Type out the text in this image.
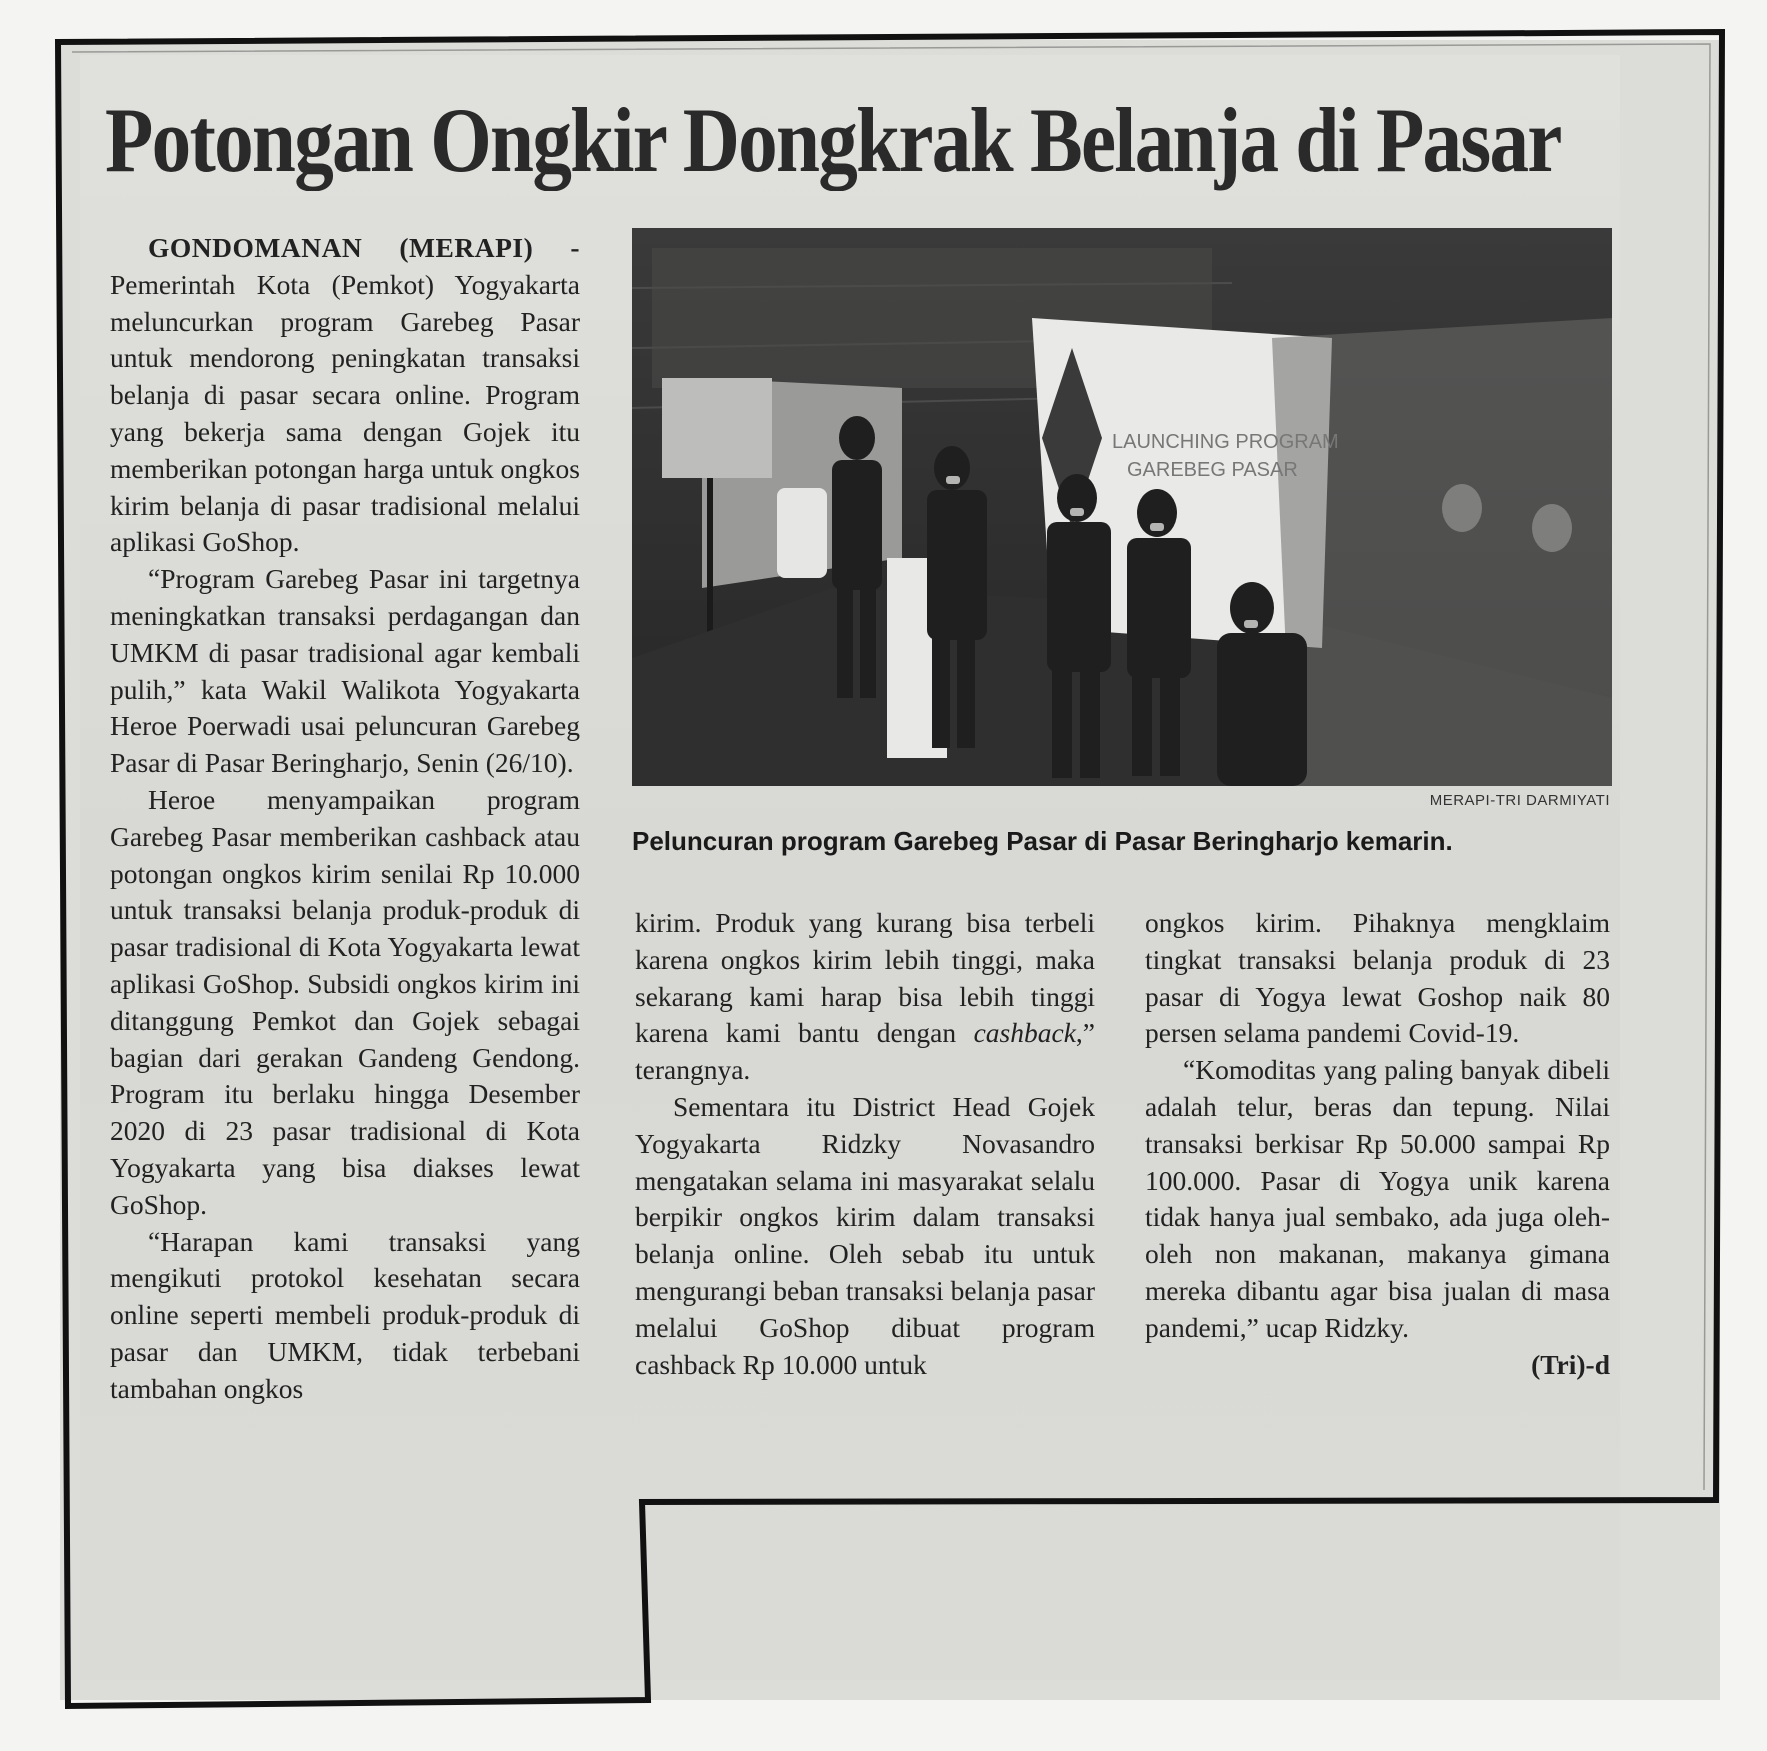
Potongan Ongkir Dongkrak Belanja di Pasar

GONDOMANAN (MERAPI) - Pemerintah Kota (Pemkot) Yogyakarta meluncurkan program Garebeg Pasar untuk mendorong peningkatan transaksi belanja di pasar secara online. Program yang bekerja sama dengan Gojek itu memberikan potongan harga untuk ongkos kirim belanja di pasar tradisional melalui aplikasi GoShop.

“Program Garebeg Pasar ini targetnya meningkatkan transaksi perdagangan dan UMKM di pasar tradisional agar kembali pulih,” kata Wakil Walikota Yogyakarta Heroe Poerwadi usai peluncuran Garebeg Pasar di Pasar Beringharjo, Senin (26/10).

Heroe menyampaikan program Garebeg Pasar memberikan cashback atau potongan ongkos kirim senilai Rp 10.000 untuk transaksi belanja produk-produk di pasar tradisional di Kota Yogyakarta lewat aplikasi GoShop. Subsidi ongkos kirim ini ditanggung Pemkot dan Gojek sebagai bagian dari gerakan Gandeng Gendong. Program itu berlaku hingga Desember 2020 di 23 pasar tradisional di Kota Yogyakarta yang bisa diakses lewat GoShop.

“Harapan kami transaksi yang mengikuti protokol kesehatan secara online seperti membeli produk-produk di pasar dan UMKM, tidak terbebani tambahan ongkos

LAUNCHING PROGRAM
GAREBEG PASAR
MERAPI-TRI DARMIYATI
Peluncuran program Garebeg Pasar di Pasar Beringharjo kemarin.

kirim. Produk yang kurang bisa terbeli karena ongkos kirim lebih tinggi, maka sekarang kami harap bisa lebih tinggi karena kami bantu dengan cashback,” terangnya.

Sementara itu District Head Gojek Yogyakarta Ridzky Novasandro mengatakan selama ini masyarakat selalu berpikir ongkos kirim dalam transaksi belanja online. Oleh sebab itu untuk mengurangi beban transaksi belanja pasar melalui GoShop dibuat program cashback Rp 10.000 untuk

ongkos kirim. Pihaknya mengklaim tingkat transaksi belanja produk di 23 pasar di Yogya lewat Goshop naik 80 persen selama pandemi Covid-19.

“Komoditas yang paling banyak dibeli adalah telur, beras dan tepung. Nilai transaksi berkisar Rp 50.000 sampai Rp 100.000. Pasar di Yogya unik karena tidak hanya jual sembako, ada juga oleh-oleh non makanan, makanya gimana mereka dibantu agar bisa jualan di masa pandemi,” ucap Ridzky.

(Tri)-d
